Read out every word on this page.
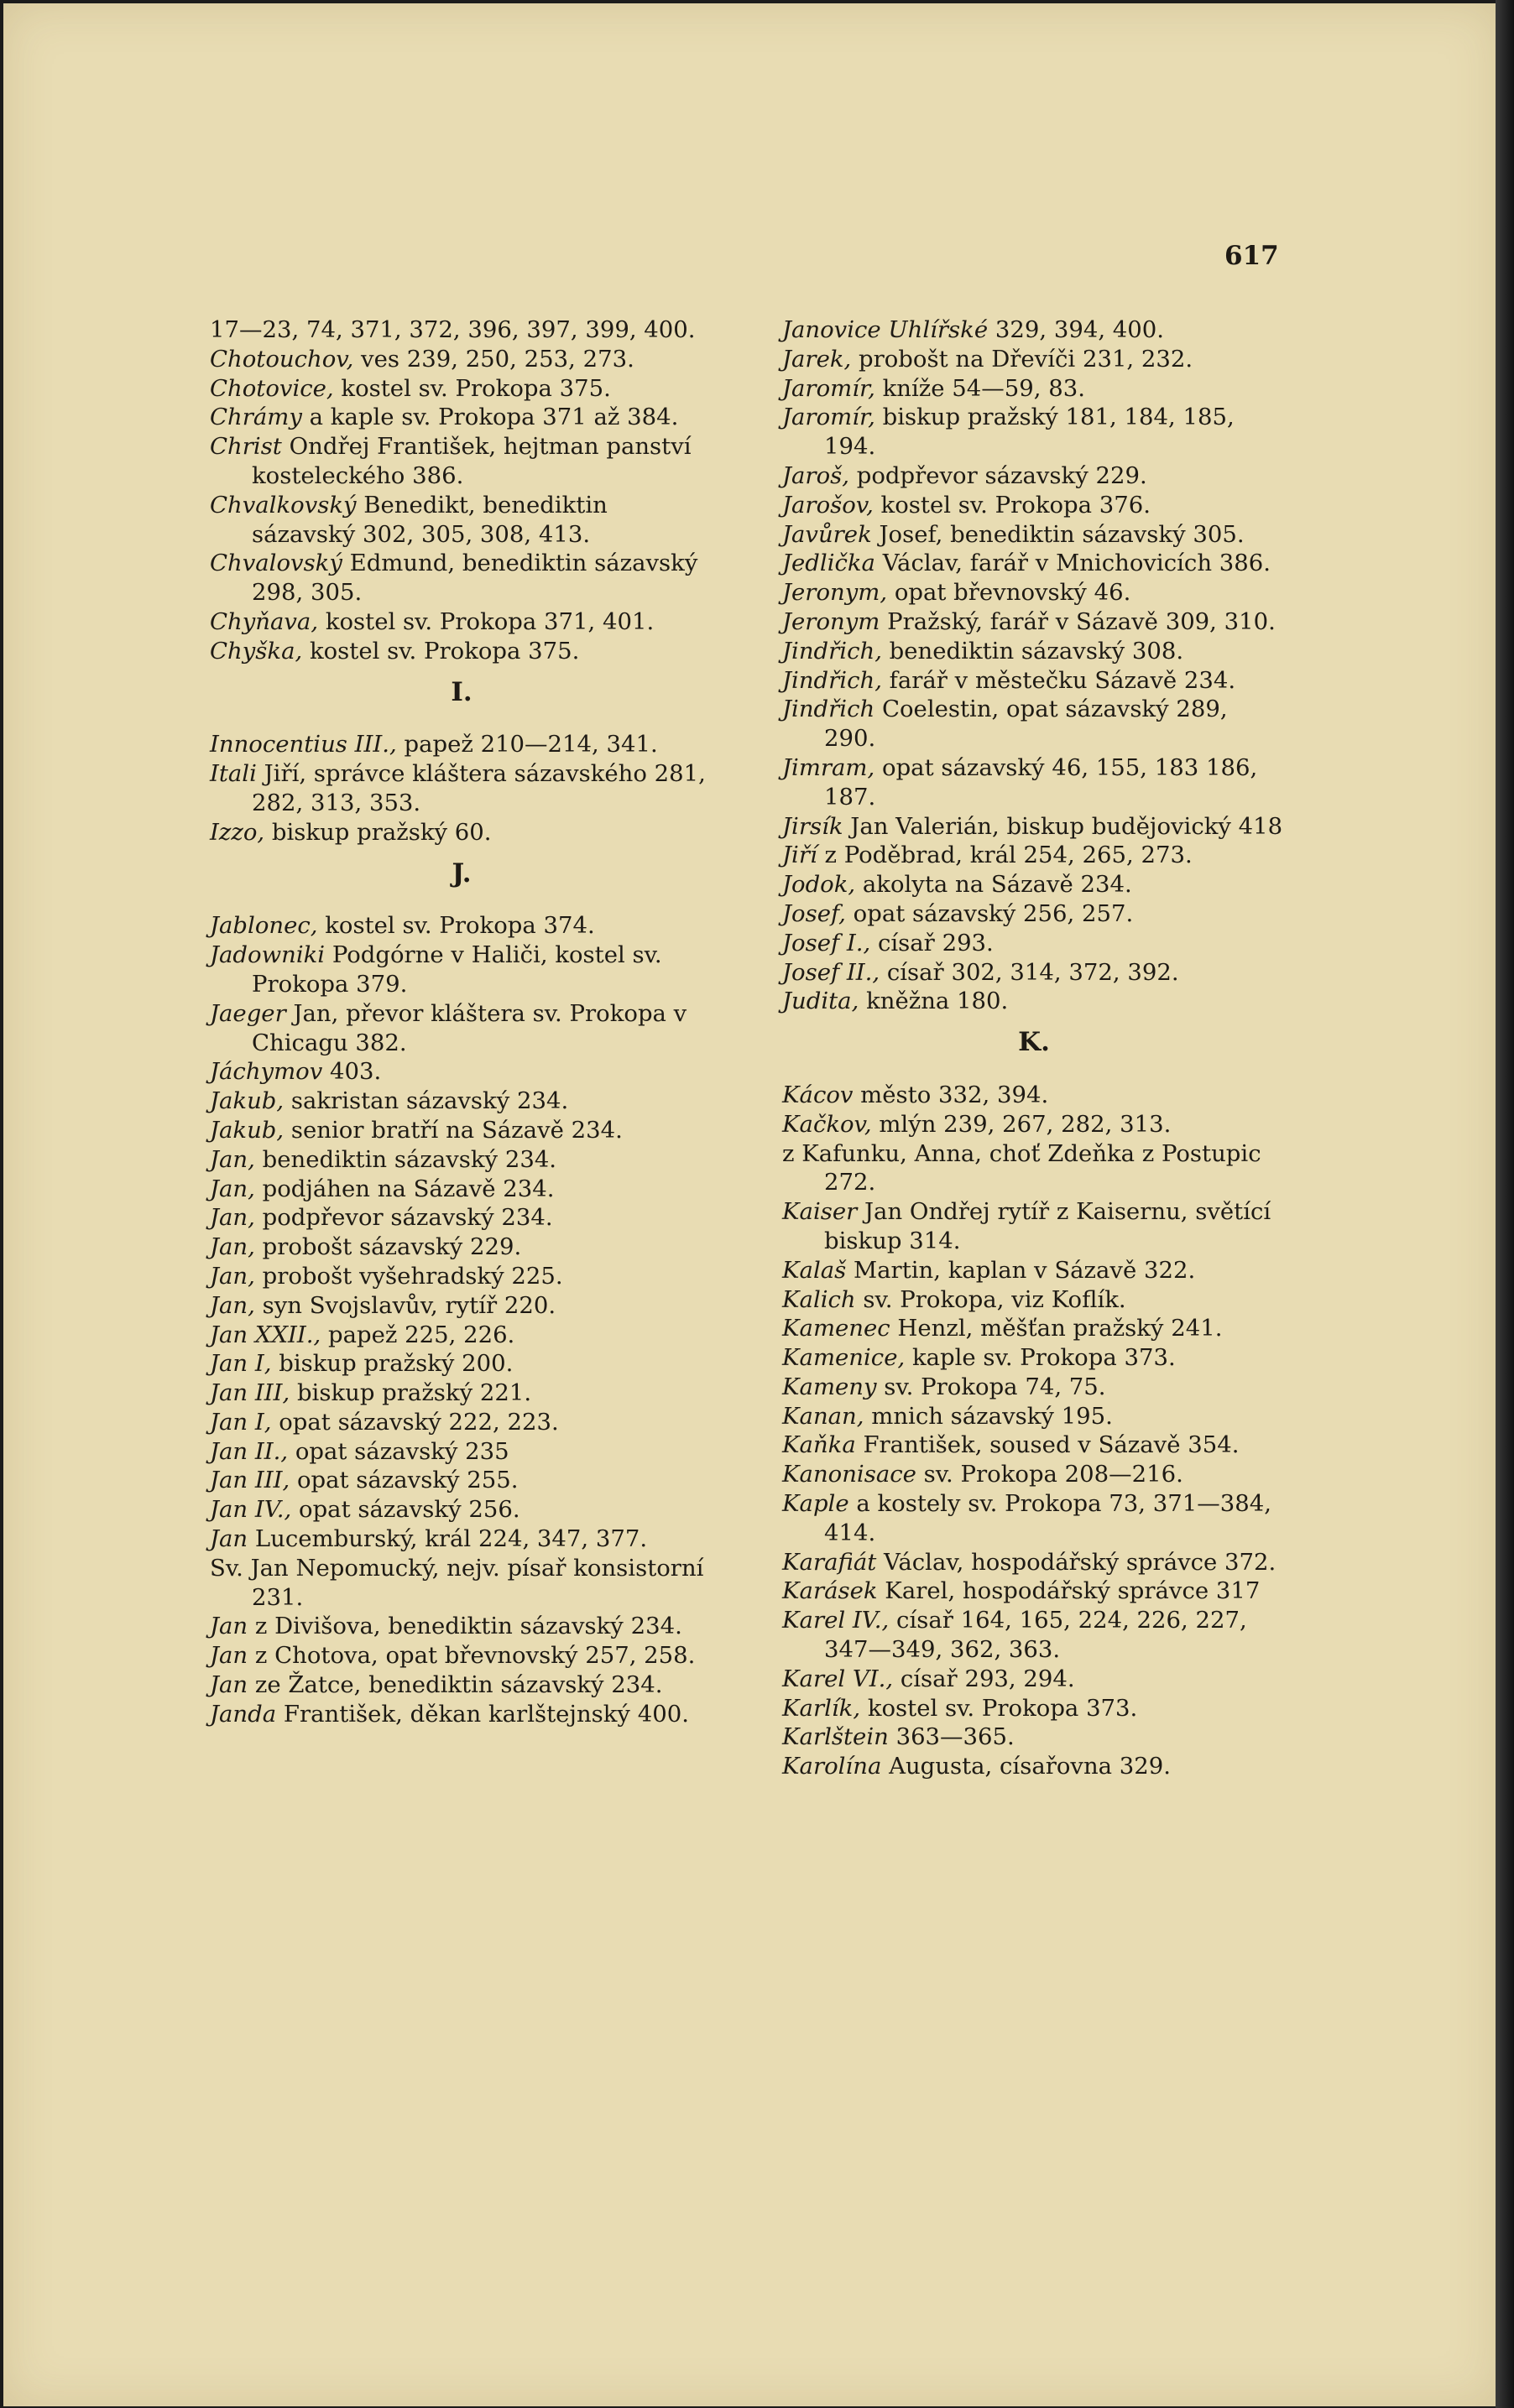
617
17—23, 74, 371, 372, 396, 397, 399, 400.
Chotouchov, ves 239, 250, 253, 273.
Chotovice, kostel sv. Prokopa 375.
Chrámy a kaple sv. Prokopa 371 až 384.
Christ Ondřej František, hejtman panství kosteleckého 386.
Chvalkovský Benedikt, benediktin sázavský 302, 305, 308, 413.
Chvalovský Edmund, benediktin sázavský 298, 305.
Chyňava, kostel sv. Prokopa 371, 401.
Chyška, kostel sv. Prokopa 375.
I.
Innocentius III., papež 210—214, 341.
Itali Jiří, správce kláštera sázavského 281, 282, 313, 353.
Izzo, biskup pražský 60.
J.
Jablonec, kostel sv. Prokopa 374.
Jadowniki Podgórne v Haliči, kostel sv. Prokopa 379.
Jaeger Jan, převor kláštera sv. Prokopa v Chicagu 382.
Jáchymov 403.
Jakub, sakristan sázavský 234.
Jakub, senior bratří na Sázavě 234.
Jan, benediktin sázavský 234.
Jan, podjáhen na Sázavě 234.
Jan, podpřevor sázavský 234.
Jan, probošt sázavský 229.
Jan, probošt vyšehradský 225.
Jan, syn Svojslavův, rytíř 220.
Jan XXII., papež 225, 226.
Jan I, biskup pražský 200.
Jan III, biskup pražský 221.
Jan I, opat sázavský 222, 223.
Jan II., opat sázavský 235
Jan III, opat sázavský 255.
Jan IV., opat sázavský 256.
Jan Lucemburský, král 224, 347, 377.
Sv. Jan Nepomucký, nejv. písař konsistorní 231.
Jan z Divišova, benediktin sázavský 234.
Jan z Chotova, opat břevnovský 257, 258.
Jan ze Žatce, benediktin sázavský 234.
Janda František, děkan karlštejnský 400.
Janovice Uhlířské 329, 394, 400.
Jarek, probošt na Dřevíči 231, 232.
Jaromír, kníže 54—59, 83.
Jaromír, biskup pražský 181, 184, 185, 194.
Jaroš, podpřevor sázavský 229.
Jarošov, kostel sv. Prokopa 376.
Javůrek Josef, benediktin sázavský 305.
Jedlička Václav, farář v Mnichovicích 386.
Jeronym, opat břevnovský 46.
Jeronym Pražský, farář v Sázavě 309, 310.
Jindřich, benediktin sázavský 308.
Jindřich, farář v městečku Sázavě 234.
Jindřich Coelestin, opat sázavský 289, 290.
Jimram, opat sázavský 46, 155, 183 186, 187.
Jirsík Jan Valerián, biskup budějovický 418
Jiří z Poděbrad, král 254, 265, 273.
Jodok, akolyta na Sázavě 234.
Josef, opat sázavský 256, 257.
Josef I., císař 293.
Josef II., císař 302, 314, 372, 392.
Judita, kněžna 180.
K.
Kácov město 332, 394.
Kačkov, mlýn 239, 267, 282, 313.
z Kafunku, Anna, choť Zdeňka z Postupic 272.
Kaiser Jan Ondřej rytíř z Kaisernu, světící biskup 314.
Kalaš Martin, kaplan v Sázavě 322.
Kalich sv. Prokopa, viz Koflík.
Kamenec Henzl, měšťan pražský 241.
Kamenice, kaple sv. Prokopa 373.
Kameny sv. Prokopa 74, 75.
Kanan, mnich sázavský 195.
Kaňka František, soused v Sázavě 354.
Kanonisace sv. Prokopa 208—216.
Kaple a kostely sv. Prokopa 73, 371—384, 414.
Karafiát Václav, hospodářský správce 372.
Karásek Karel, hospodářský správce 317
Karel IV., císař 164, 165, 224, 226, 227, 347—349, 362, 363.
Karel VI., císař 293, 294.
Karlík, kostel sv. Prokopa 373.
Karlštein 363—365.
Karolína Augusta, císařovna 329.
